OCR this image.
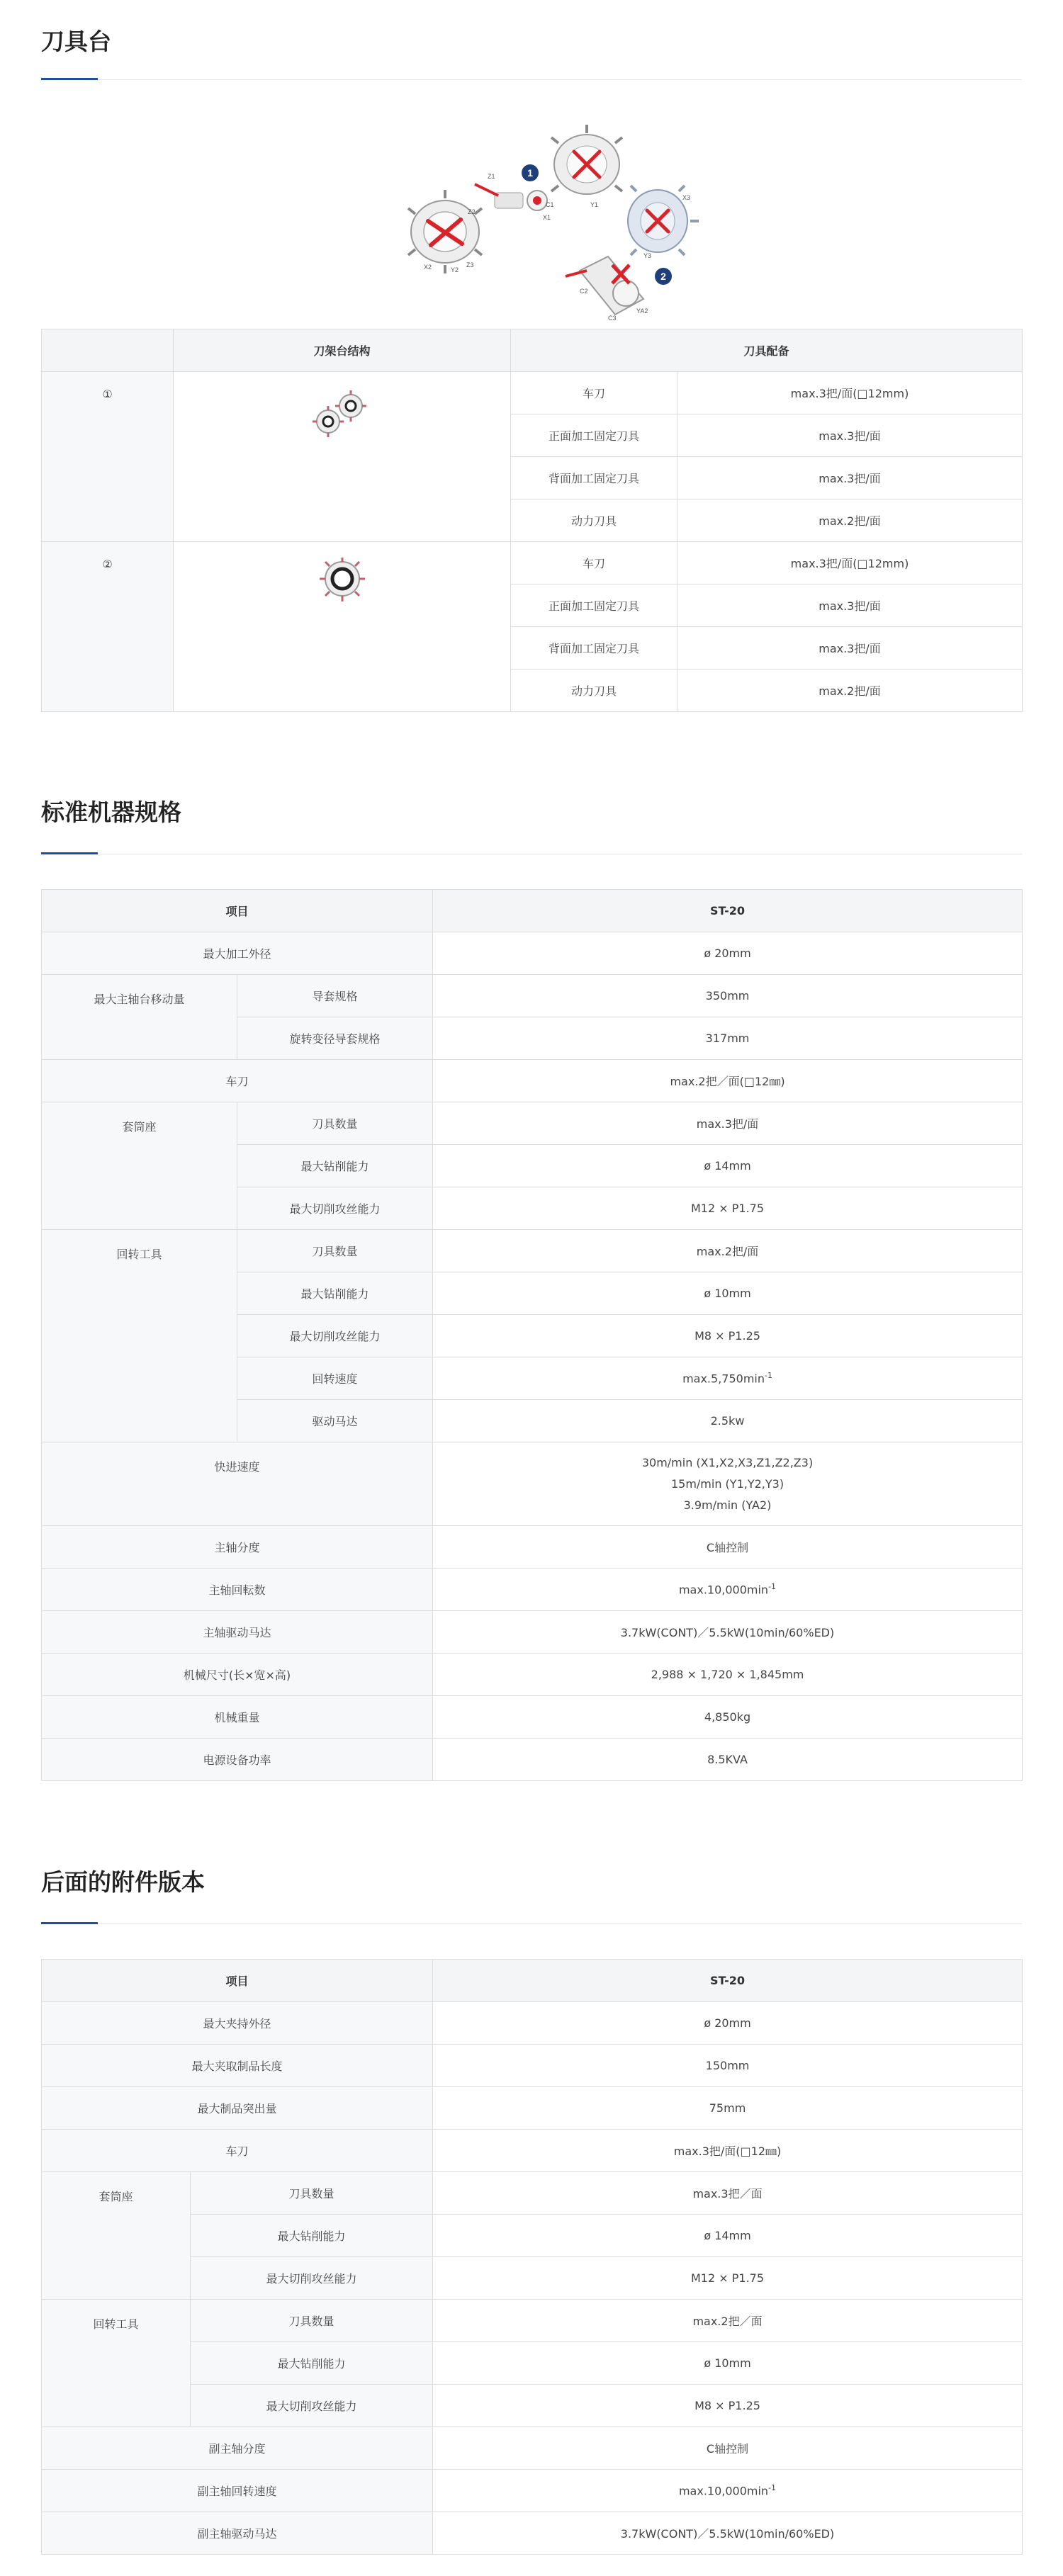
刀具台
1
2
Z1
X1
Y1
C1
Z2
Y2
X2	Z3
X3
Y3
YA2
C2
C3
	刀架台结构	刀具配备	
①		车刀	max.3把/面(□12mm)
		正面加工固定刀具	max.3把/面
		背面加工固定刀具	max.3把/面
		动力刀具	max.2把/面
②		车刀	max.3把/面(□12mm)
		正面加工固定刀具	max.3把/面
		背面加工固定刀具	max.3把/面
		动力刀具	max.2把/面
标准机器规格
项目		ST-20
最大加工外径		ø 20mm
最大主轴台移动量	导套规格	350mm
	旋转变径导套规格	317mm
车刀		max.2把／面(□12㎜)
套筒座	刀具数量	max.3把/面
	最大钻削能力	ø 14mm
	最大切削攻丝能力	M12 × P1.75
回转工具	刀具数量	max.2把/面
	最大钻削能力	ø 10mm
	最大切削攻丝能力	M8 × P1.25
	回转速度	$\max.5,750\min^{-1}$
	驱动马达	2.5kw
快进速度		30m/min (X1,X2,X3,Z1,Z2,Z3)
15m/min (Y1,Y2,Y3)
3.9m/min (YA2)

主轴分度		C轴控制
主轴回転数		$\max.10,000\min^{-1}$
主轴驱动马达		3.7kW(CONT)／5.5kW(10min/60%ED)
机械尺寸(长×宽×高)		2,988 × 1,720 × 1,845mm
机械重量		4,850kg
电源设备功率		8.5KVA
后面的附件版本
项目		ST-20
最大夹持外径		ø 20mm
最大夹取制品长度		150mm
最大制品突出量		75mm
车刀		max.3把/面(□12㎜)
套筒座	刀具数量	max.3把／面
	最大钻削能力	ø 14mm
	最大切削攻丝能力	M12 × P1.75
回转工具	刀具数量	max.2把／面
	最大钻削能力	ø 10mm
	最大切削攻丝能力	M8 × P1.25
副主轴分度		C轴控制
副主轴回转速度		$\max.10,000\min^{-1}$
副主轴驱动马达		3.7kW(CONT)／5.5kW(10min/60%ED)
